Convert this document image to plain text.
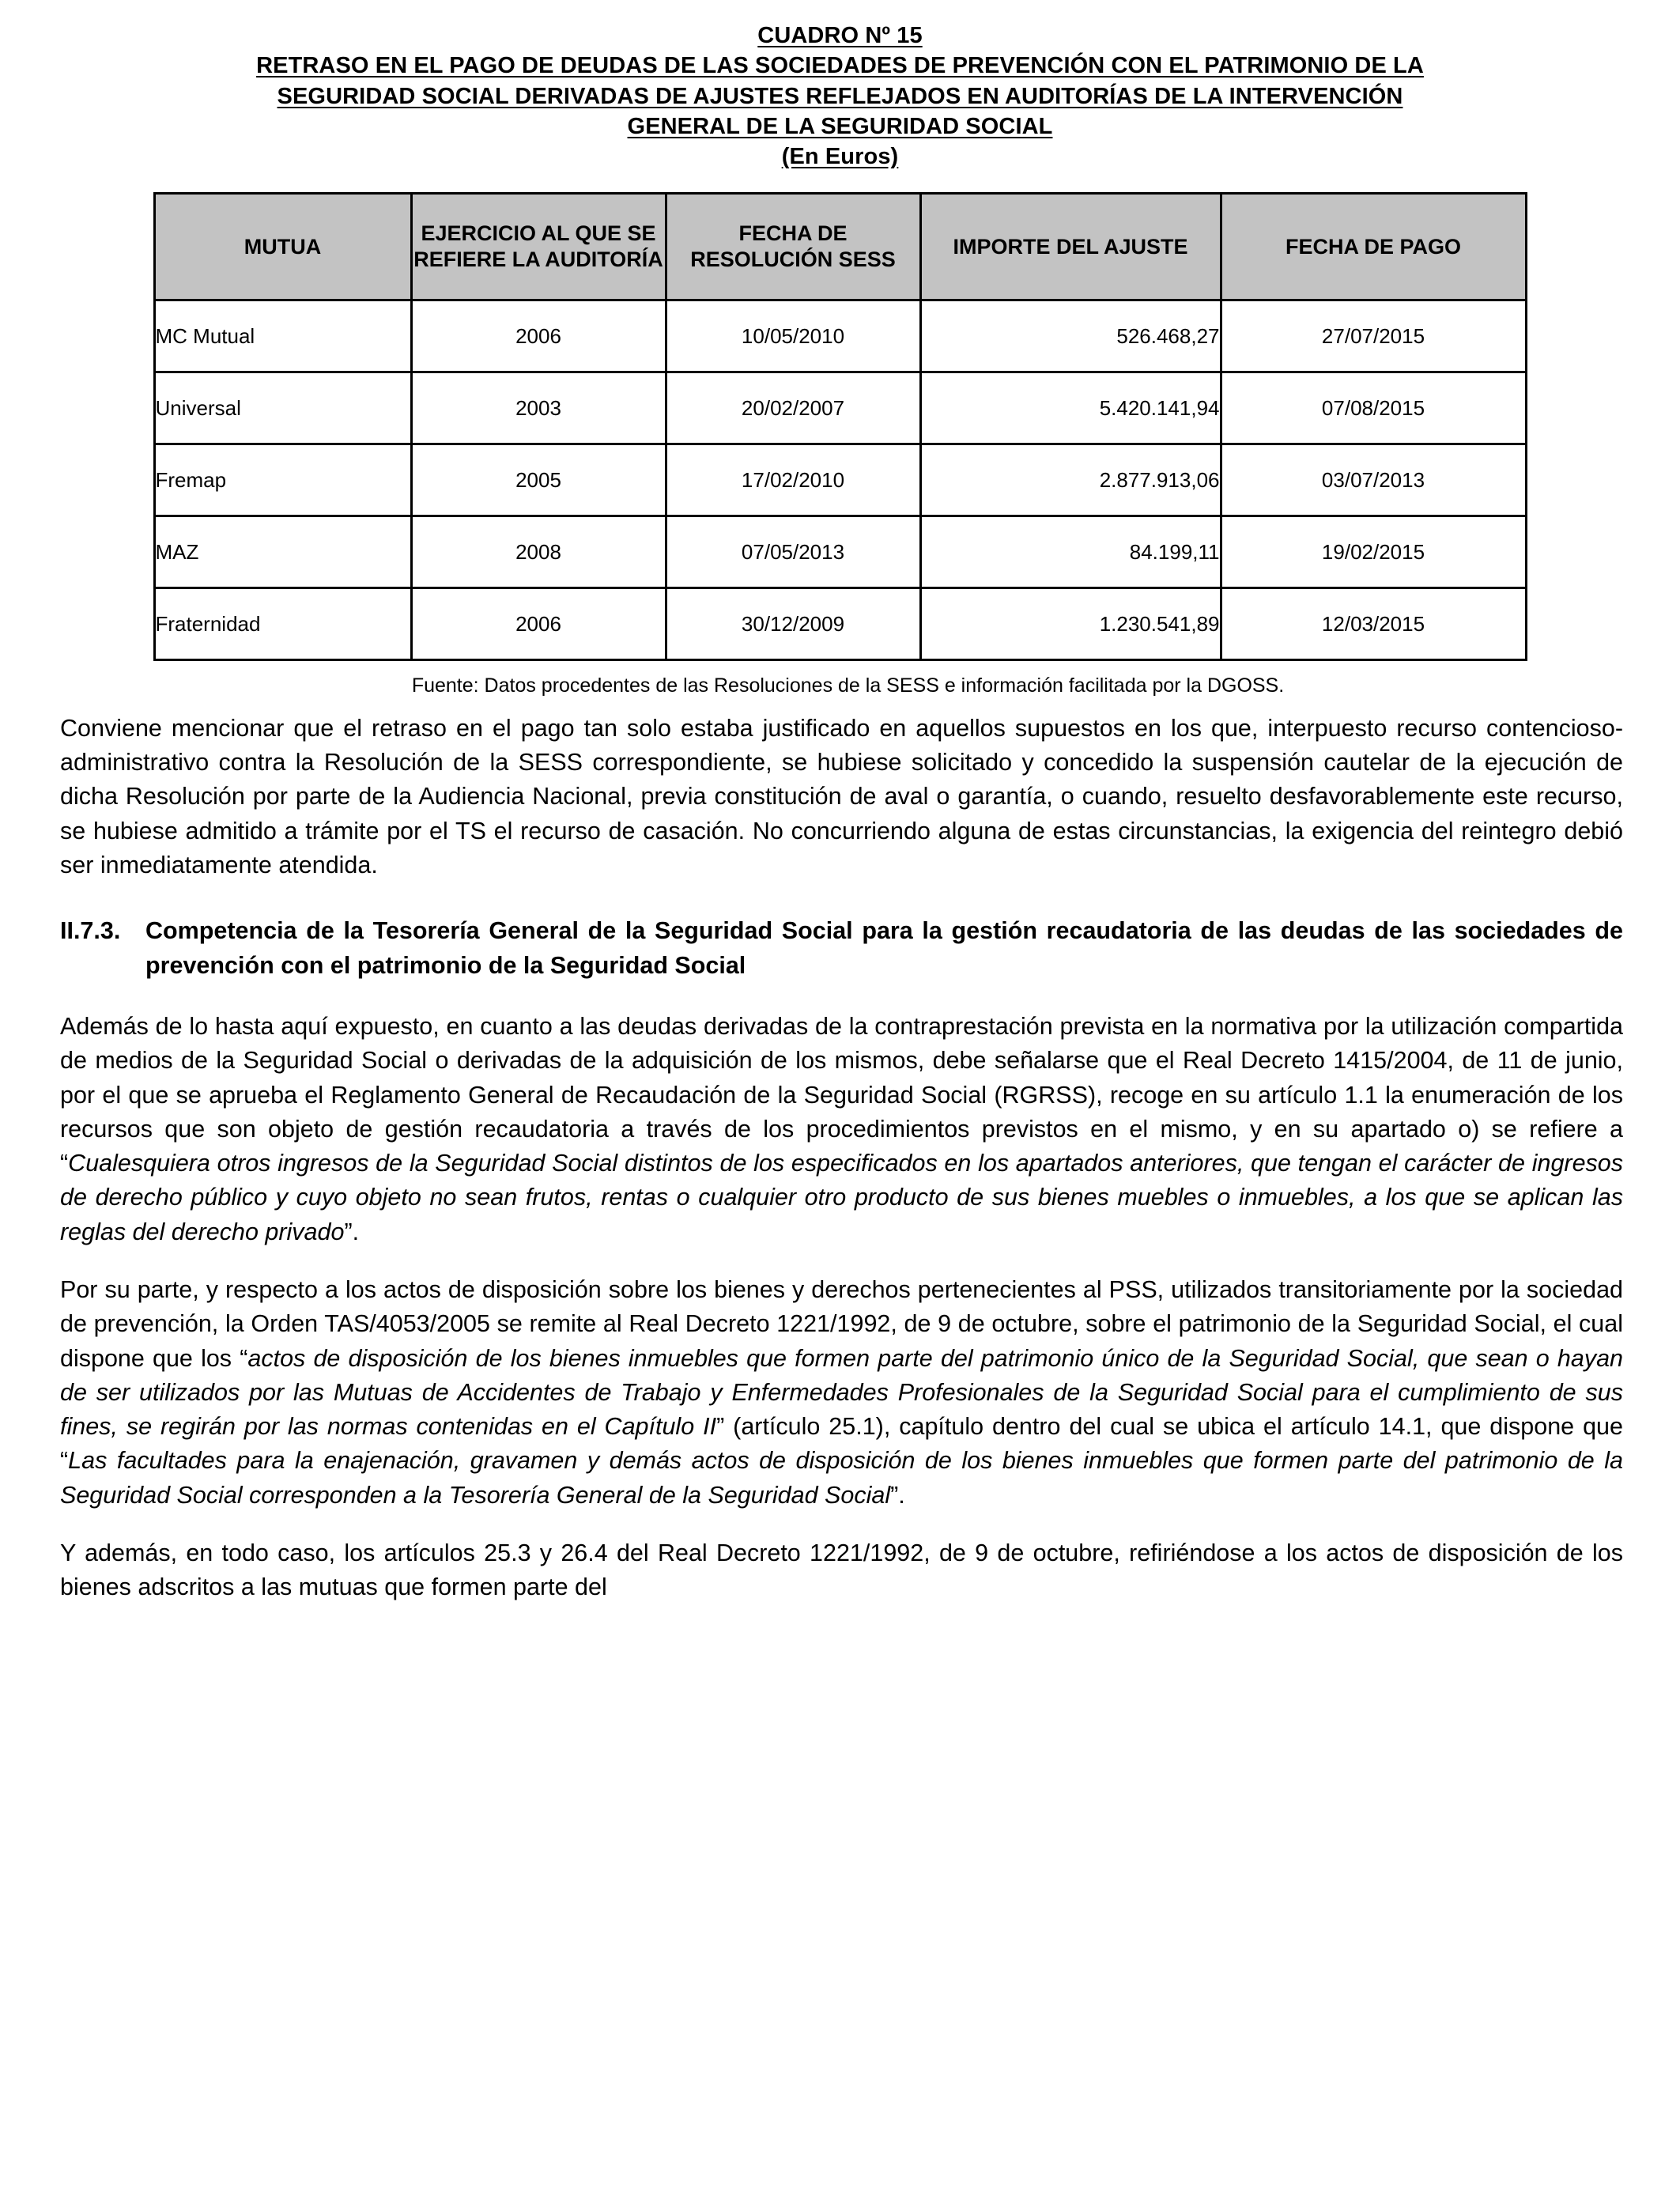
CUADRO Nº 15
RETRASO EN EL PAGO DE DEUDAS DE LAS SOCIEDADES DE PREVENCIÓN CON EL PATRIMONIO DE LA
SEGURIDAD SOCIAL DERIVADAS DE AJUSTES REFLEJADOS EN AUDITORÍAS DE LA INTERVENCIÓN
GENERAL DE LA SEGURIDAD SOCIAL
(En Euros)
MUTUA	EJERCICIO AL QUE SE REFIERE LA AUDITORÍA	FECHA DE RESOLUCIÓN SESS	IMPORTE DEL AJUSTE	FECHA DE PAGO
MC Mutual	2006	10/05/2010	526.468,27	27/07/2015
Universal	2003	20/02/2007	5.420.141,94	07/08/2015
Fremap	2005	17/02/2010	2.877.913,06	03/07/2013
MAZ	2008	07/05/2013	84.199,11	19/02/2015
Fraternidad	2006	30/12/2009	1.230.541,89	12/03/2015
Fuente: Datos procedentes de las Resoluciones de la SESS e información facilitada por la DGOSS.

Conviene mencionar que el retraso en el pago tan solo estaba justificado en aquellos supuestos en los que, interpuesto recurso contencioso-administrativo contra la Resolución de la SESS correspondiente, se hubiese solicitado y concedido la suspensión cautelar de la ejecución de dicha Resolución por parte de la Audiencia Nacional, previa constitución de aval o garantía, o cuando, resuelto desfavorablemente este recurso, se hubiese admitido a trámite por el TS el recurso de casación. No concurriendo alguna de estas circunstancias, la exigencia del reintegro debió ser inmediatamente atendida.

II.7.3.	Competencia de la Tesorería General de la Seguridad Social para la gestión recaudatoria de las deudas de las sociedades de prevención con el patrimonio de la Seguridad Social

Además de lo hasta aquí expuesto, en cuanto a las deudas derivadas de la contraprestación prevista en la normativa por la utilización compartida de medios de la Seguridad Social o derivadas de la adquisición de los mismos, debe señalarse que el Real Decreto 1415/2004, de 11 de junio, por el que se aprueba el Reglamento General de Recaudación de la Seguridad Social (RGRSS), recoge en su artículo 1.1 la enumeración de los recursos que son objeto de gestión recaudatoria a través de los procedimientos previstos en el mismo, y en su apartado o) se refiere a “Cualesquiera otros ingresos de la Seguridad Social distintos de los especificados en los apartados anteriores, que tengan el carácter de ingresos de derecho público y cuyo objeto no sean frutos, rentas o cualquier otro producto de sus bienes muebles o inmuebles, a los que se aplican las reglas del derecho privado”.

Por su parte, y respecto a los actos de disposición sobre los bienes y derechos pertenecientes al PSS, utilizados transitoriamente por la sociedad de prevención, la Orden TAS/4053/2005 se remite al Real Decreto 1221/1992, de 9 de octubre, sobre el patrimonio de la Seguridad Social, el cual dispone que los “actos de disposición de los bienes inmuebles que formen parte del patrimonio único de la Seguridad Social, que sean o hayan de ser utilizados por las Mutuas de Accidentes de Trabajo y Enfermedades Profesionales de la Seguridad Social para el cumplimiento de sus fines, se regirán por las normas contenidas en el Capítulo II” (artículo 25.1), capítulo dentro del cual se ubica el artículo 14.1, que dispone que “Las facultades para la enajenación, gravamen y demás actos de disposición de los bienes inmuebles que formen parte del patrimonio de la Seguridad Social corresponden a la Tesorería General de la Seguridad Social”.

Y además, en todo caso, los artículos 25.3 y 26.4 del Real Decreto 1221/1992, de 9 de octubre, refiriéndose a los actos de disposición de los bienes adscritos a las mutuas que formen parte del
